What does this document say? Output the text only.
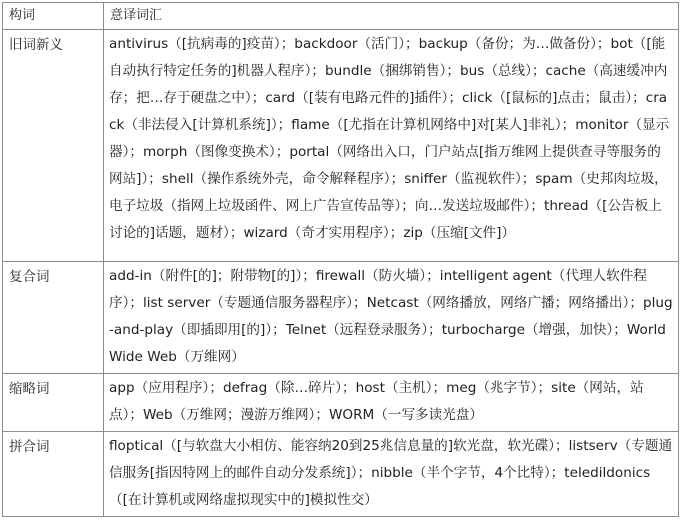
构词	意译词汇
旧词新义	antivirus（[抗病毒的]疫苗）；backdoor（活门）；backup（备份；为…做备份）；bot（[能自动执行特定任务的]机器人程序）；bundle（捆绑销售）；bus（总线）；cache（高速缓冲内存；把…存于硬盘之中）；card（[装有电路元件的]插件）；click（[鼠标的]点击；鼠击）；crack（非法侵入[计算机系统]）；flame（[尤指在计算机网络中]对[某人]非礼）；monitor（显示器）；morph（图像变换术）；portal（网络出入口，门户站点[指万维网上提供查寻等服务的网站]）；shell（操作系统外壳，命令解释程序）；sniffer（监视软件）；spam（史邦肉垃圾，电子垃圾（指网上垃圾函件、网上广告宣传品等）；向…发送垃圾邮件）；thread（[公告板上讨论的]话题，题材）；wizard（奇才实用程序）；zip（压缩[文件]）
复合词	add-in（附件[的]；附带物[的]）；firewall（防火墙）；intelligent agent（代理人软件程序）；list server（专题通信服务器程序）；Netcast（网络播放，网络广播；网络播出）；plug-and-play（即插即用[的]）；Telnet（远程登录服务）；turbocharge（增强，加快）；World Wide Web（万维网）
缩略词	app（应用程序）；defrag（除…碎片）；host（主机）；meg（兆字节）；site（网站，站点）；Web（万维网；漫游万维网）；WORM（一写多读光盘）
拼合词	floptical（[与软盘大小相仿、能容纳20到25兆信息量的]软光盘，软光碟）；listserv（专题通信服务[指因特网上的邮件自动分发系统]）；nibble（半个字节，4个比特）；teledildonics（[在计算机或网络虚拟现实中的]模拟性交）
